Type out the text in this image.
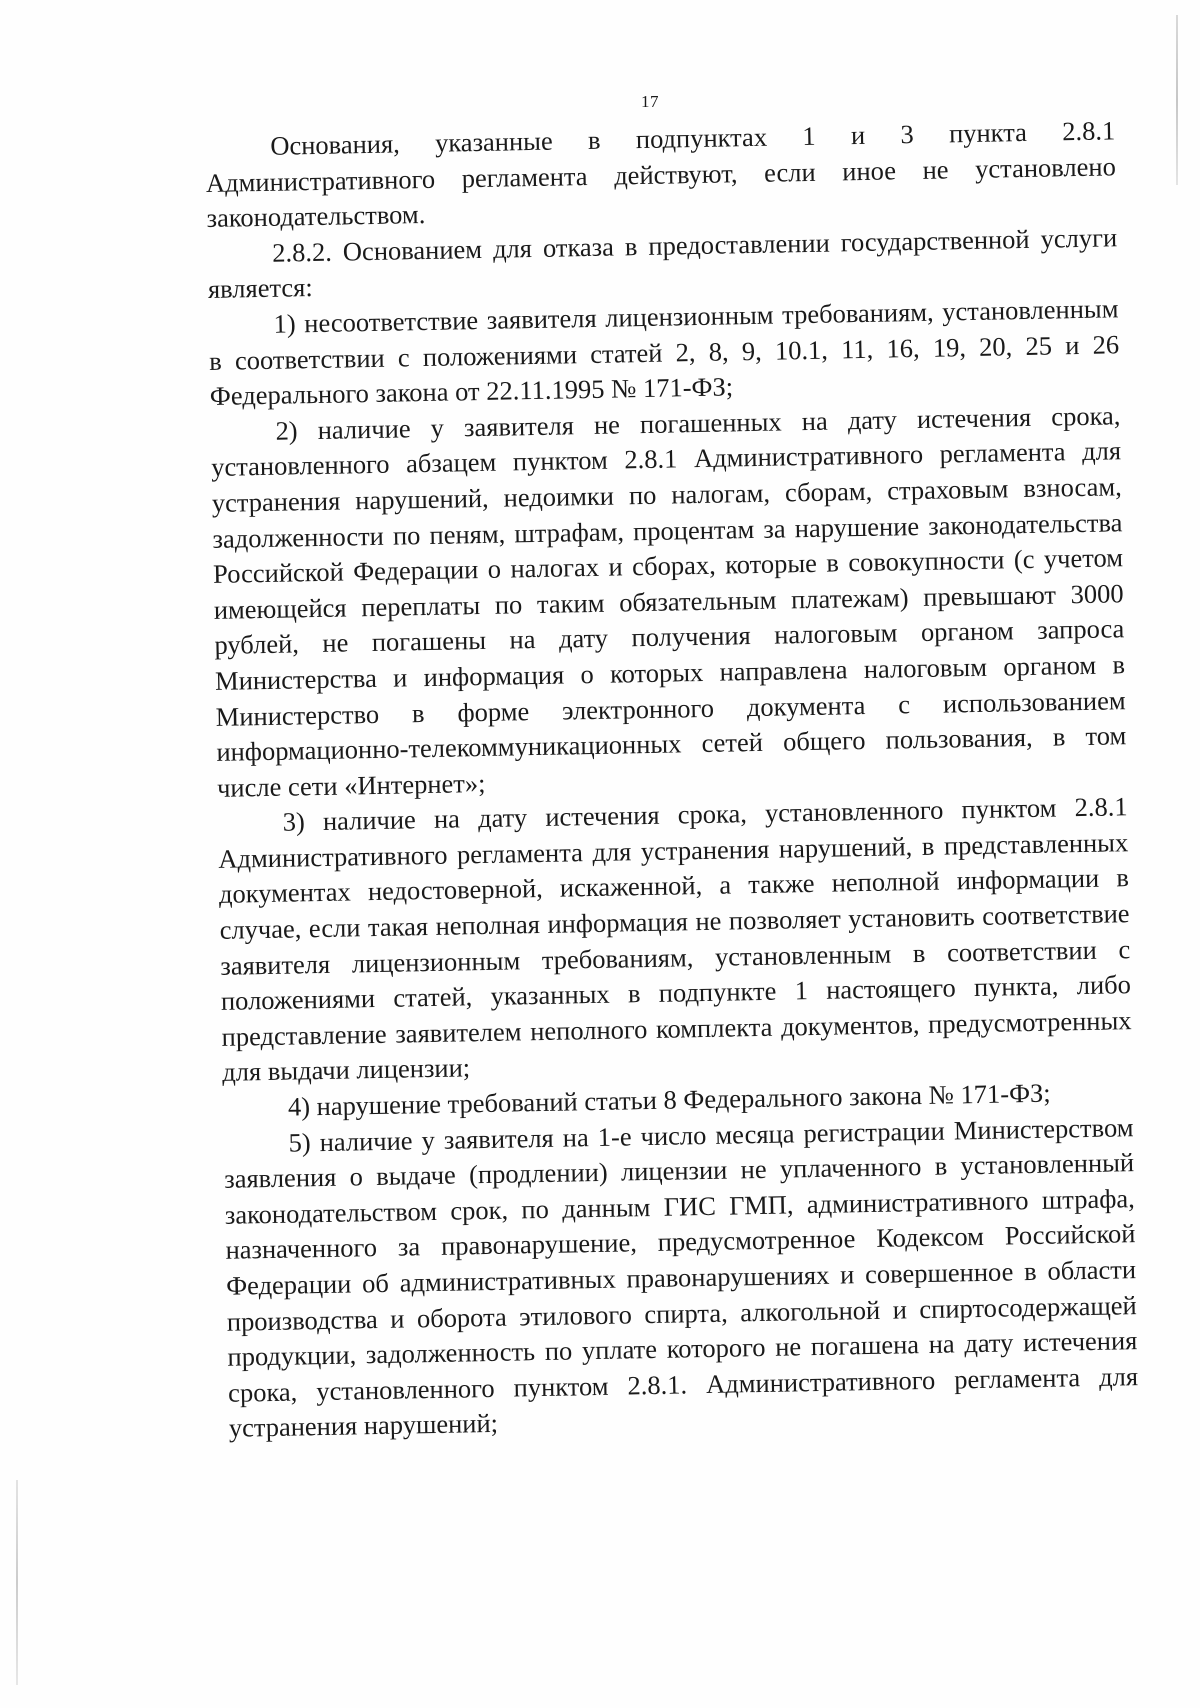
17

Основания, указанные в подпунктах 1 и 3 пункта 2.8.1 Административного регламента действуют, если иное не установлено законодательством.

2.8.2. Основанием для отказа в предоставлении государственной услуги является:

1) несоответствие заявителя лицензионным требованиям, установленным в соответствии с положениями статей 2, 8, 9, 10.1, 11, 16, 19, 20, 25 и 26 Федерального закона от 22.11.1995 № 171-ФЗ;

2) наличие у заявителя не погашенных на дату истечения срока, установленного абзацем пунктом 2.8.1 Административного регламента для устранения нарушений, недоимки по налогам, сборам, страховым взносам, задолженности по пеням, штрафам, процентам за нарушение законодательства Российской Федерации о налогах и сборах, которые в совокупности (с учетом имеющейся переплаты по таким обязательным платежам) превышают 3000 рублей, не погашены на дату получения налоговым органом запроса Министерства и информация о которых направлена налоговым органом в Министерство в форме электронного документа с использованием информационно-телекоммуникационных сетей общего пользования, в том числе сети «Интернет»;

3) наличие на дату истечения срока, установленного пунктом 2.8.1 Административного регламента для устранения нарушений, в представленных документах недостоверной, искаженной, а также неполной информации в случае, если такая неполная информация не позволяет установить соответствие заявителя лицензионным требованиям, установленным в соответствии с положениями статей, указанных в подпункте 1 настоящего пункта, либо представление заявителем неполного комплекта документов, предусмотренных для выдачи лицензии;

4) нарушение требований статьи 8 Федерального закона № 171-ФЗ;

5) наличие у заявителя на 1-е число месяца регистрации Министерством заявления о выдаче (продлении) лицензии не уплаченного в установленный законодательством срок, по данным ГИС ГМП, административного штрафа, назначенного за правонарушение, предусмотренное Кодексом Российской Федерации об административных правонарушениях и совершенное в области производства и оборота этилового спирта, алкогольной и спиртосодержащей продукции, задолженность по уплате которого не погашена на дату истечения срока, установленного пунктом 2.8.1. Административного регламента для устранения нарушений;
